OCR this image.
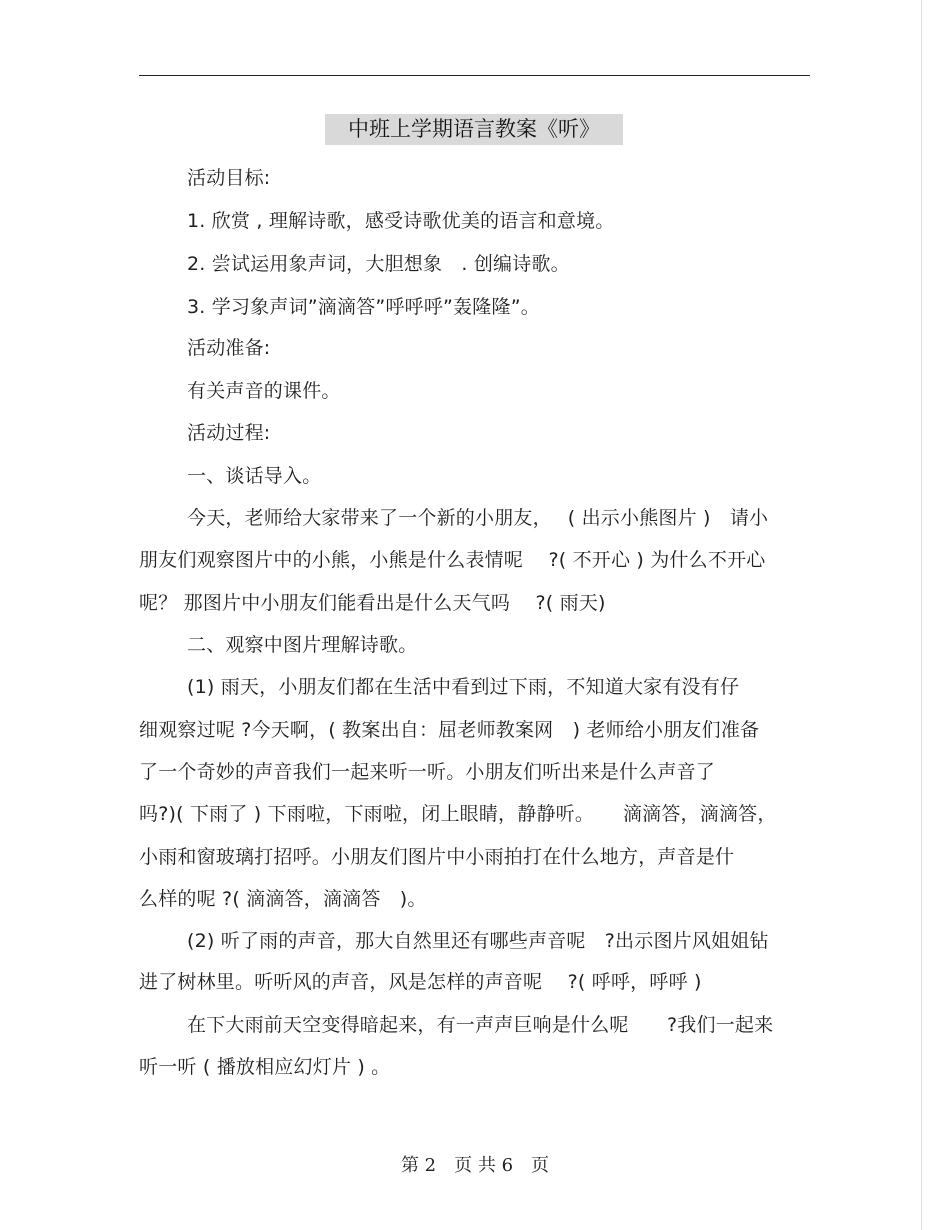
中班上学期语言教案《听》
活动目标:
1. 欣赏 , 理解诗歌，感受诗歌优美的语言和意境。
2. 尝试运用象声词，大胆想象　. 创编诗歌。
3. 学习象声词”滴滴答”呼呼呼”轰隆隆”。
活动准备:
有关声音的课件。
活动过程:
一、谈话导入。
今天，老师给大家带来了一个新的小朋友，　 ( 出示小熊图片 )　请小
朋友们观察图片中的小熊，小熊是什么表情呢　 ?( 不开心 ) 为什么不开心
呢？ 那图片中小朋友们能看出是什么天气吗　 ?( 雨天)
二、观察中图片理解诗歌。
(1) 雨天，小朋友们都在生活中看到过下雨，不知道大家有没有仔
细观察过呢 ?今天啊，( 教案出自：屈老师教案网　) 老师给小朋友们准备
了一个奇妙的声音我们一起来听一听。小朋友们听出来是什么声音了
吗?)( 下雨了 ) 下雨啦，下雨啦，闭上眼睛，静静听。　　滴滴答，滴滴答，
小雨和窗玻璃打招呼。小朋友们图片中小雨拍打在什么地方，声音是什
么样的呢 ?( 滴滴答，滴滴答　)。
(2) 听了雨的声音，那大自然里还有哪些声音呢　?出示图片风姐姐钻
进了树林里。听听风的声音，风是怎样的声音呢　 ?( 呼呼，呼呼 )
在下大雨前天空变得暗起来，有一声声巨响是什么呢　　?我们一起来
听一听 ( 播放相应幻灯片 ) 。
第 2　页 共 6　页
